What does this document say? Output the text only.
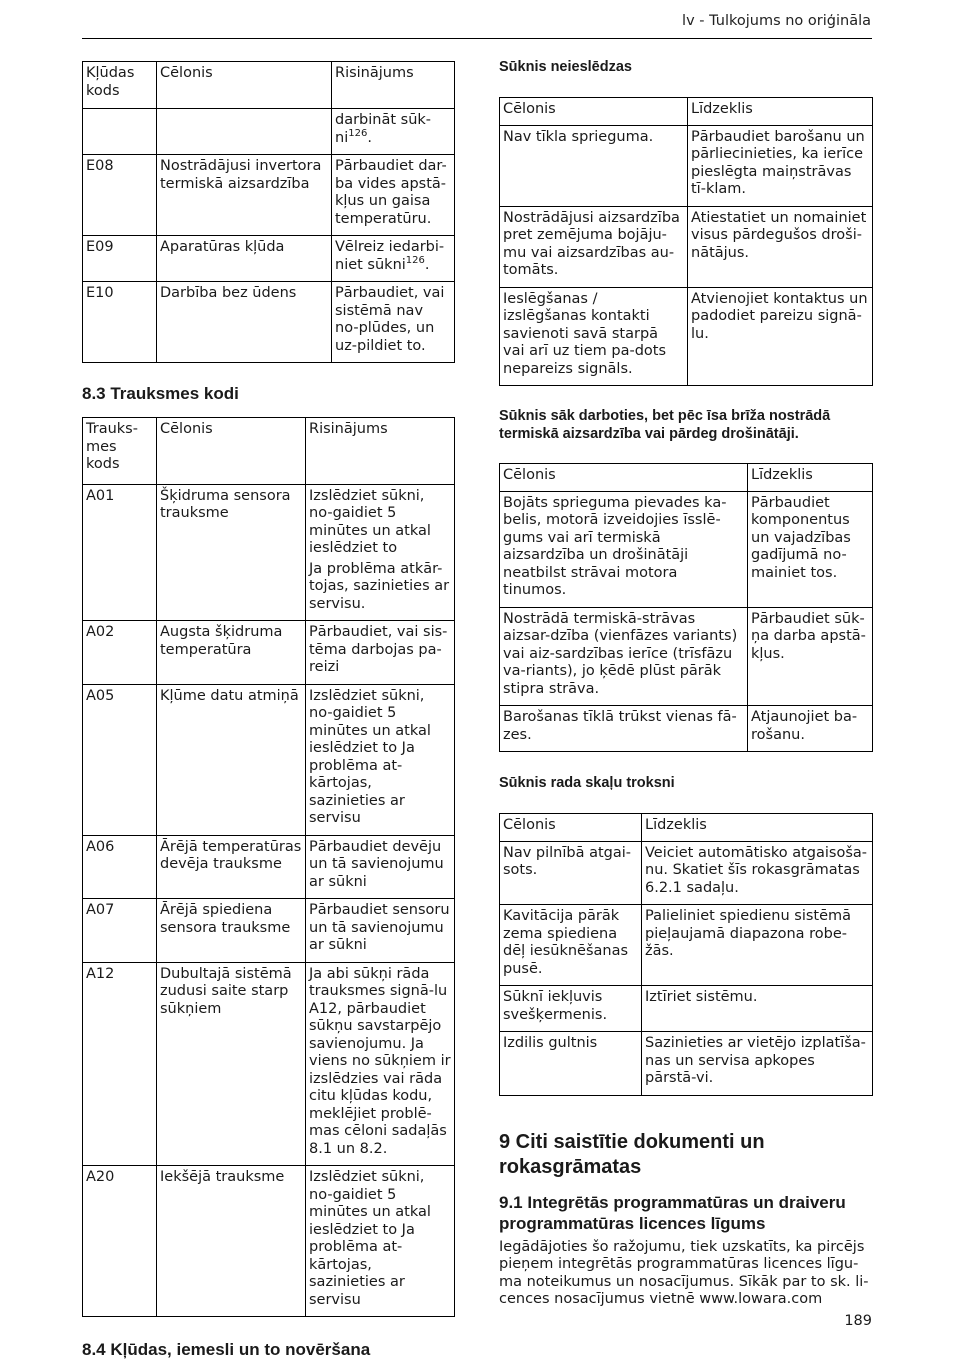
lv - Tulkojums no oriģināla
Kļūdas kods	Cēlonis	Risinājums
		darbināt sūk-$ni^{126}$.
E08	Nostrādājusi invertora termiskā aizsardzība	Pārbaudiet dar-ba vides apstā-kļus un gaisa temperatūru.
E09	Aparatūras kļūda	Vēlreiz iedarbi-niet sūkni$^{126}$.
E10	Darbība bez ūdens	Pārbaudiet, vai sistēmā nav no-plūdes, un uz-pildiet to.
8.3 Trauksmes kodi
Trauks-mes kods	Cēlonis	Risinājums
A01	Šķidruma sensora trauksme	Izslēdziet sūkni, no-gaidiet 5 minūtes un atkal ieslēdziet to

Ja problēma atkār-tojas, sazinieties ar servisu.

A02	Augsta šķidruma temperatūra	Pārbaudiet, vai sis-tēma darbojas pa-reizi
A05	Kļūme datu atmiņā	Izslēdziet sūkni, no-gaidiet 5 minūtes un atkal ieslēdziet to Ja problēma at-kārtojas, sazinieties ar servisu
A06	Ārējā temperatūras devēja trauksme	Pārbaudiet devēju un tā savienojumu ar sūkni
A07	Ārējā spiediena sensora trauksme	Pārbaudiet sensoru un tā savienojumu ar sūkni
A12	Dubultajā sistēmā zudusi saite starp sūkņiem	Ja abi sūkņi rāda trauksmes signā-lu A12, pārbaudiet sūkņu savstarpējo savienojumu. Ja viens no sūkņiem ir izslēdzies vai rāda citu kļūdas kodu, meklējiet problē-mas cēloni sadaļās 8.1 un 8.2.
A20	Iekšējā trauksme	Izslēdziet sūkni, no-gaidiet 5 minūtes un atkal ieslēdziet to Ja problēma at-kārtojas, sazinieties ar servisu
8.4 Kļūdas, iemesli un to novēršana
Sūknis neieslēdzas
Cēlonis	Līdzeklis
Nav tīkla sprieguma.	Pārbaudiet barošanu un pārliecinieties, ka ierīce pieslēgta maiņstrāvas tī-klam.
Nostrādājusi aizsardzība pret zemējuma bojāju-mu vai aizsardzības au-tomāts.	Atiestatiet un nomainiet visus pārdegušos droši-nātājus.
Ieslēgšanas / izslēgšanas kontakti savienoti savā starpā vai arī uz tiem pa-dots nepareizs signāls.	Atvienojiet kontaktus un padodiet pareizu signā-lu.
Sūknis sāk darboties, bet pēc īsa brīža nostrādā termiskā aizsardzība vai pārdeg drošinātāji.
Cēlonis	Līdzeklis
Bojāts sprieguma pievades ka-belis, motorā izveidojies īsslē-gums vai arī termiskā aizsardzība un drošinātāji neatbilst strāvai motora tinumos.	Pārbaudiet komponentus un vajadzības gadījumā no-mainiet tos.
Nostrādā termiskā-strāvas aizsar-dzība (vienfāzes variants) vai aiz-sardzības ierīce (trīsfāzu va-riants), jo ķēdē plūst pārāk stipra strāva.	Pārbaudiet sūk-ņa darba apstā-kļus.
Barošanas tīklā trūkst vienas fā-zes.	Atjaunojiet ba-rošanu.
Sūknis rada skaļu troksni
Cēlonis	Līdzeklis
Nav pilnībā atgai-sots.	Veiciet automātisko atgaisoša-nu. Skatiet šīs rokasgrāmatas 6.2.1 sadaļu.
Kavitācija pārāk zema spiediena dēļ iesūknēšanas pusē.	Palieliniet spiedienu sistēmā pieļaujamā diapazona robe-žās.
Sūknī iekļuvis svešķermenis.	Iztīriet sistēmu.
Izdilis gultnis	Sazinieties ar vietējo izplatīša-nas un servisa apkopes pārstā-vi.
9 Citi saistītie dokumenti un rokasgrāmatas
9.1 Integrētās programmatūras un draiveru programmatūras licences līgums

Iegādājoties šo ražojumu, tiek uzskatīts, ka pircējs pieņem integrētās programmatūras licences līgu-ma noteikumus un nosacījumus. Sīkāk par to sk. li-cences nosacījumus vietnē www.lowara.com

189
